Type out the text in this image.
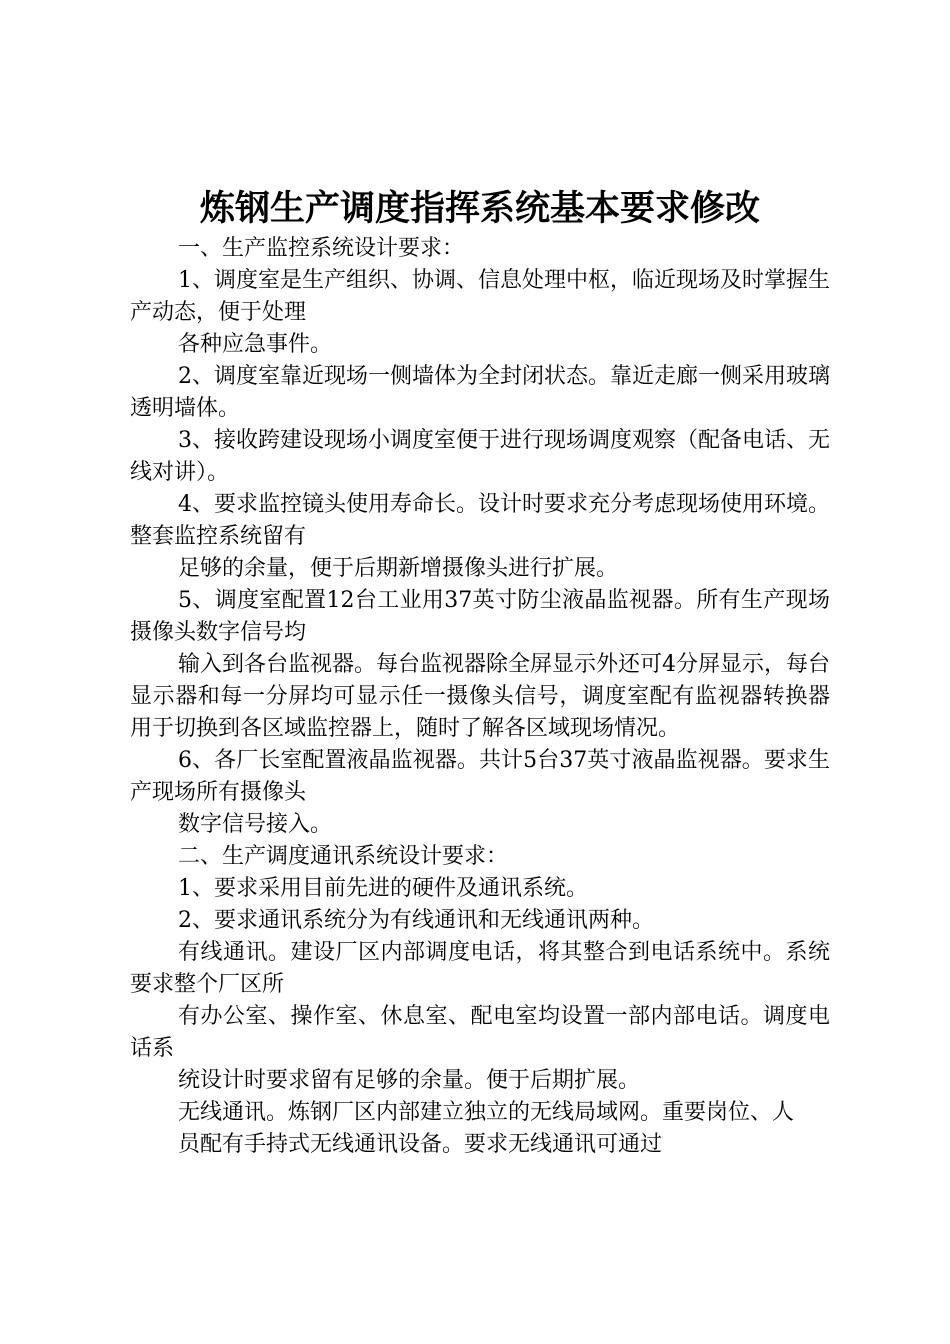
炼钢生产调度指挥系统基本要求修改

一、生产监控系统设计要求：

1、调度室是生产组织、协调、信息处理中枢，临近现场及时掌握生产动态，便于处理

各种应急事件。

2、调度室靠近现场一侧墙体为全封闭状态。靠近走廊一侧采用玻璃透明墙体。

3、接收跨建设现场小调度室便于进行现场调度观察（配备电话、无线对讲）。

4、要求监控镜头使用寿命长。设计时要求充分考虑现场使用环境。整套监控系统留有

足够的余量，便于后期新增摄像头进行扩展。

5、调度室配置12台工业用37英寸防尘液晶监视器。所有生产现场摄像头数字信号均

输入到各台监视器。每台监视器除全屏显示外还可4分屏显示，每台显示器和每一分屏均可显示任一摄像头信号，调度室配有监视器转换器用于切换到各区域监控器上，随时了解各区域现场情况。

6、各厂长室配置液晶监视器。共计5台37英寸液晶监视器。要求生产现场所有摄像头

数字信号接入。

二、生产调度通讯系统设计要求：

1、要求采用目前先进的硬件及通讯系统。

2、要求通讯系统分为有线通讯和无线通讯两种。

有线通讯。建设厂区内部调度电话，将其整合到电话系统中。系统要求整个厂区所

有办公室、操作室、休息室、配电室均设置一部内部电话。调度电话系

统设计时要求留有足够的余量。便于后期扩展。

无线通讯。炼钢厂区内部建立独立的无线局域网。重要岗位、人

员配有手持式无线通讯设备。要求无线通讯可通过
